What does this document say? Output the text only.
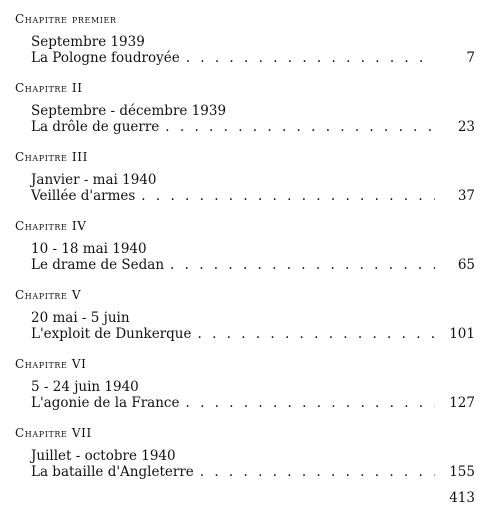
Chapitre premier
Septembre 1939
La Pologne foudroyée . . .	7
Chapitre II
Septembre - décembre 1939
La drôle de guerre . . .	23
Chapitre III
Janvier - mai 1940
Veillée d'armes . . .	37
Chapitre IV
10 - 18 mai 1940
Le drame de Sedan . . .	65
Chapitre V
20 mai - 5 juin
L'exploit de Dunkerque . . .	101
Chapitre VI
5 - 24 juin 1940
L'agonie de la France . . .	127
Chapitre VII
Juillet - octobre 1940
La bataille d'Angleterre . . .	155
413
